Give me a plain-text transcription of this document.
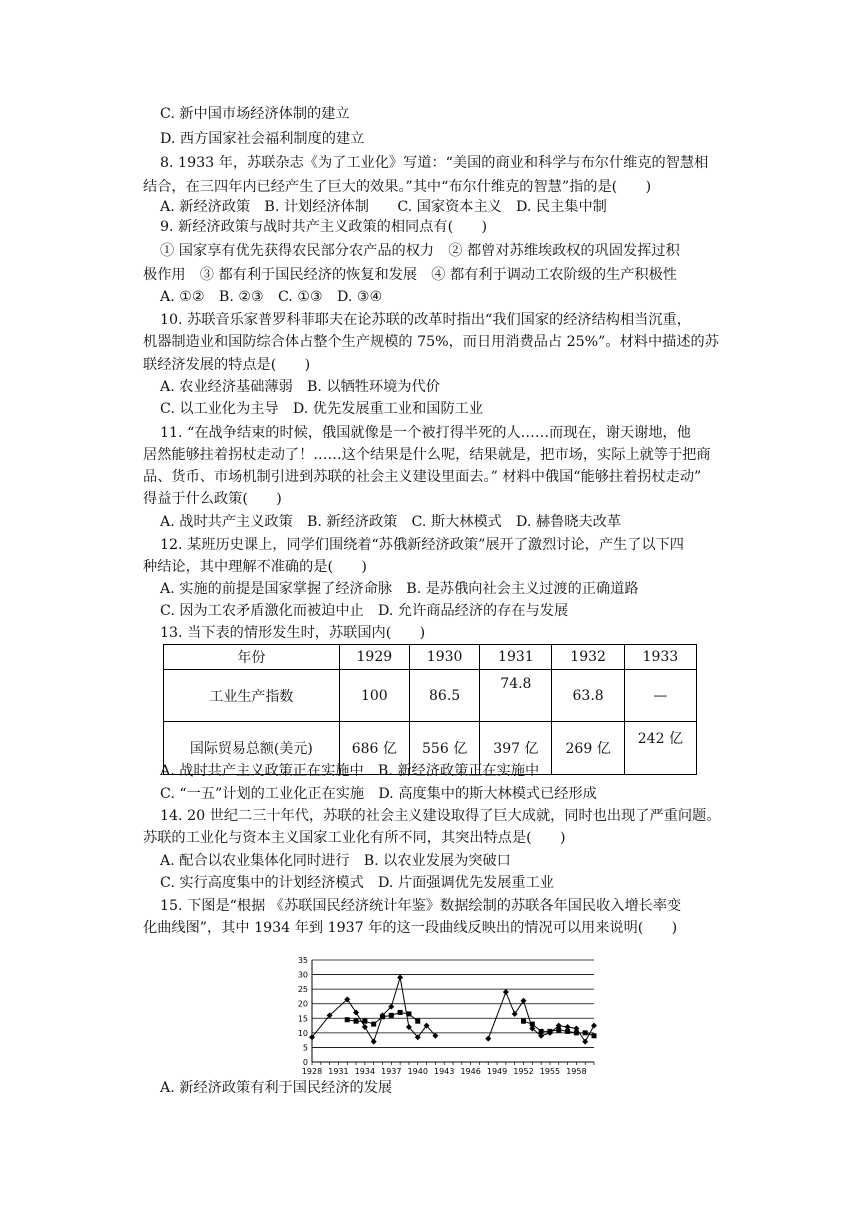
C. 新中国市场经济体制的建立
D. 西方国家社会福利制度的建立
8. 1933 年，苏联杂志《为了工业化》写道：“美国的商业和科学与布尔什维克的智慧相
结合，在三四年内已经产生了巨大的效果。”其中“布尔什维克的智慧”指的是(　　)
A. 新经济政策　B. 计划经济体制　　C. 国家资本主义　D. 民主集中制
9. 新经济政策与战时共产主义政策的相同点有(　　)
① 国家享有优先获得农民部分农产品的权力　② 都曾对苏维埃政权的巩固发挥过积
极作用　③ 都有利于国民经济的恢复和发展　④ 都有利于调动工农阶级的生产积极性
A. ①②　B. ②③　C. ①③　D. ③④
10. 苏联音乐家普罗科菲耶夫在论苏联的改革时指出“我们国家的经济结构相当沉重，
机器制造业和国防综合体占整个生产规模的 75%，而日用消费品占 25%”。材料中描述的苏
联经济发展的特点是(　　)
A. 农业经济基础薄弱　B. 以牺牲环境为代价
C. 以工业化为主导　D. 优先发展重工业和国防工业
11. “在战争结束的时候，俄国就像是一个被打得半死的人……而现在，谢天谢地，他
居然能够拄着拐杖走动了！……这个结果是什么呢，结果就是，把市场，实际上就等于把商
品、货币、市场机制引进到苏联的社会主义建设里面去。” 材料中俄国“能够拄着拐杖走动”
得益于什么政策(　　)
A. 战时共产主义政策　B. 新经济政策　C. 斯大林模式　D. 赫鲁晓夫改革
12. 某班历史课上，同学们围绕着“苏俄新经济政策”展开了激烈讨论，产生了以下四
种结论，其中理解不准确的是(　　)
A. 实施的前提是国家掌握了经济命脉　B. 是苏俄向社会主义过渡的正确道路
C. 因为工农矛盾激化而被迫中止　D. 允许商品经济的存在与发展
13. 当下表的情形发生时，苏联国内(　　)
年份	1929	1930	1931	1932	1933
工业生产指数	100	86.5	74.8	63.8	—
国际贸易总额(美元)	686 亿	556 亿	397 亿	269 亿	242 亿
A. 战时共产主义政策正在实施中　B. 新经济政策正在实施中
C. “一五”计划的工业化正在实施　D. 高度集中的斯大林模式已经形成
14. 20 世纪二三十年代，苏联的社会主义建设取得了巨大成就，同时也出现了严重问题。
苏联的工业化与资本主义国家工业化有所不同，其突出特点是(　　)
A. 配合以农业集体化同时进行　B. 以农业发展为突破口
C. 实行高度集中的计划经济模式　D. 片面强调优先发展重工业
15. 下图是“根据 《苏联国民经济统计年鉴》数据绘制的苏联各年国民收入增长率变
化曲线图”，其中 1934 年到 1937 年的这一段曲线反映出的情况可以用来说明(　　)
0
5
10
15
20
25
30
35
1928 1931 1934 1937 1940 1943 1946 1949 1952 1955 1958
A. 新经济政策有利于国民经济的发展
